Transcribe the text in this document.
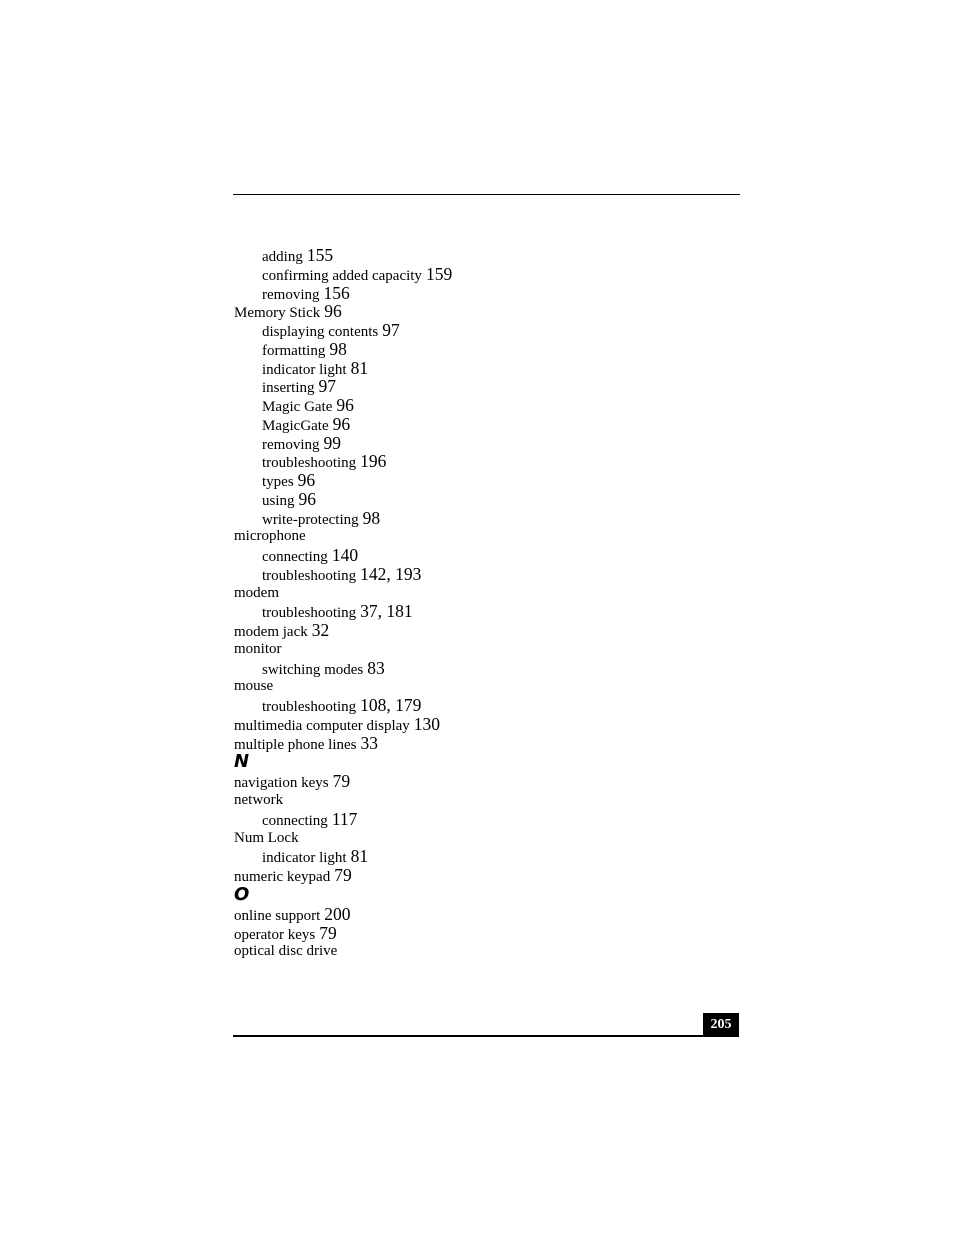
adding 155
confirming added capacity 159
removing 156
Memory Stick 96
displaying contents 97
formatting 98
indicator light 81
inserting 97
Magic Gate 96
MagicGate 96
removing 99
troubleshooting 196
types 96
using 96
write-protecting 98
microphone
connecting 140
troubleshooting 142, 193
modem
troubleshooting 37, 181
modem jack 32
monitor
switching modes 83
mouse
troubleshooting 108, 179
multimedia computer display 130
multiple phone lines 33
N
navigation keys 79
network
connecting 117
Num Lock
indicator light 81
numeric keypad 79
O
online support 200
operator keys 79
optical disc drive
205
